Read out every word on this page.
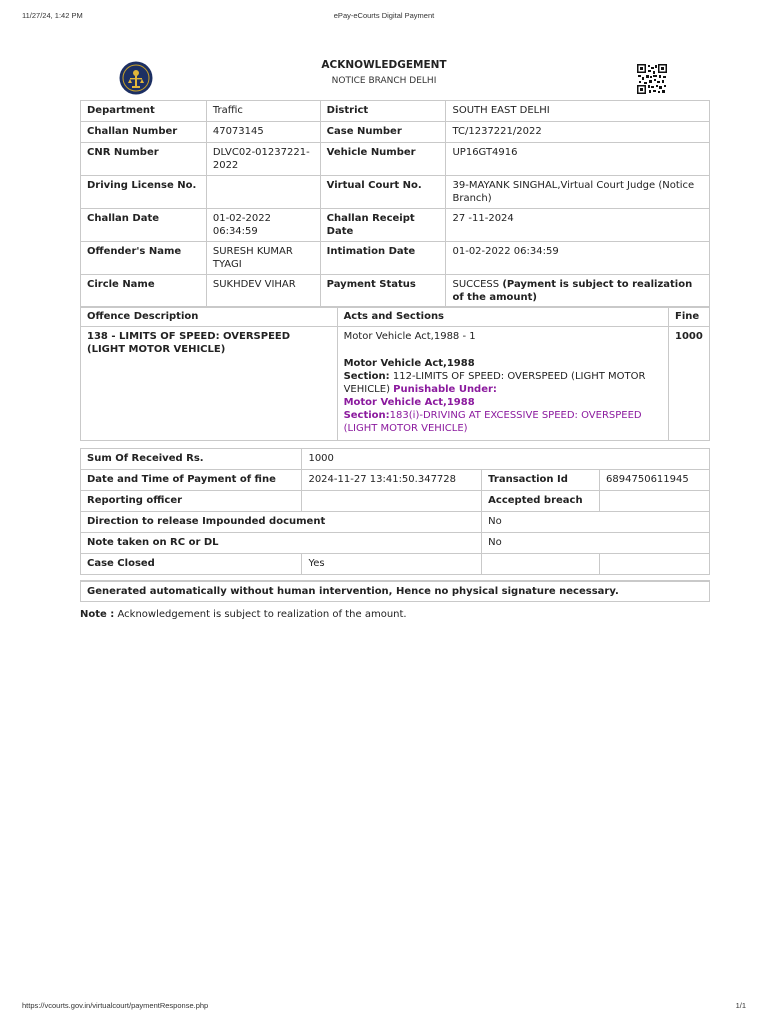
11/27/24, 1:42 PM	ePay-eCourts Digital Payment
ACKNOWLEDGEMENT
NOTICE BRANCH DELHI
Department	Traffic	District	SOUTH EAST DELHI
Challan Number	47073145	Case Number	TC/1237221/2022
CNR Number	DLVC02-01237221-2022	Vehicle Number	UP16GT4916
Driving License No.		Virtual Court No.	39-MAYANK SINGHAL,Virtual Court Judge (Notice Branch)
Challan Date	01-02-2022 06:34:59	Challan Receipt Date	27 -11-2024
Offender's Name	SURESH KUMAR TYAGI	Intimation Date	01-02-2022 06:34:59
Circle Name	SUKHDEV VIHAR	Payment Status	SUCCESS (Payment is subject to realization of the amount)
Offence Description	Acts and Sections	Fine
138 - LIMITS OF SPEED: OVERSPEED (LIGHT MOTOR VEHICLE)	Motor Vehicle Act,1988 - 1
Motor Vehicle Act,1988
Section: 112-LIMITS OF SPEED: OVERSPEED (LIGHT MOTOR VEHICLE) Punishable Under:
Motor Vehicle Act,1988
Section:183(i)-DRIVING AT EXCESSIVE SPEED: OVERSPEED (LIGHT MOTOR VEHICLE)	1000
Sum Of Received Rs.	1000		
Date and Time of Payment of fine	2024-11-27 13:41:50.347728	Transaction Id	6894750611945
Reporting officer		Accepted breach	
Direction to release Impounded document		No	
Note taken on RC or DL		No	
Case Closed	Yes		
Generated automatically without human intervention, Hence no physical signature necessary.
Note : Acknowledgement is subject to realization of the amount.
https://vcourts.gov.in/virtualcourt/paymentResponse.php	1/1
